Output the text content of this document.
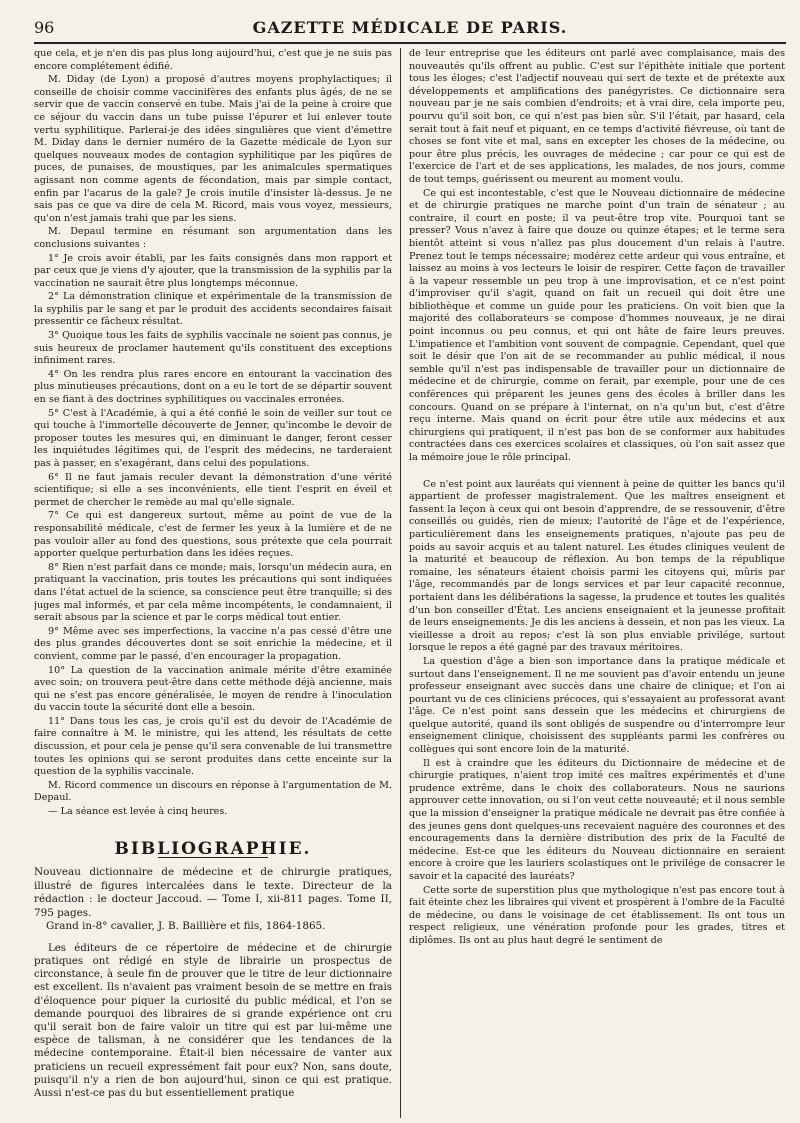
96	GAZETTE MÉDICALE DE PARIS.

que cela, et je n'en dis pas plus long aujourd'hui, c'est que je ne suis pas encore complétement édifié.

M. Diday (de Lyon) a proposé d'autres moyens prophylactiques; il conseille de choisir comme vaccinifères des enfants plus âgés, de ne se servir que de vaccin conservé en tube. Mais j'ai de la peine à croire que ce séjour du vaccin dans un tube puisse l'épurer et lui enlever toute vertu syphilitique. Parlerai-je des idées singulières que vient d'émettre M. Diday dans le dernier numéro de la Gazette médicale de Lyon sur quelques nouveaux modes de contagion syphilitique par les piqûres de puces, de punaises, de moustiques, par les animalcules spermatiques agissant non comme agents de fécondation, mais par simple contact, enfin par l'acarus de la gale? Je crois inutile d'insister là-dessus. Je ne sais pas ce que va dire de cela M. Ricord, mais vous voyez, messieurs, qu'on n'est jamais trahi que par les siens.

M. Depaul termine en résumant son argumentation dans les conclusions suivantes :

1° Je crois avoir établi, par les faits consignés dans mon rapport et par ceux que je viens d'y ajouter, que la transmission de la syphilis par la vaccination ne saurait être plus longtemps méconnue.

2° La démonstration clinique et expérimentale de la transmission de la syphilis par le sang et par le produit des accidents secondaires faisait pressentir ce fâcheux résultat.

3° Quoique tous les faits de syphilis vaccinale ne soient pas connus, je suis heureux de proclamer hautement qu'ils constituent des exceptions infiniment rares.

4° On les rendra plus rares encore en entourant la vaccination des plus minutieuses précautions, dont on a eu le tort de se départir souvent en se fiant à des doctrines syphilitiques ou vaccinales erronées.

5° C'est à l'Académie, à qui a été confié le soin de veiller sur tout ce qui touche à l'immortelle découverte de Jenner, qu'incombe le devoir de proposer toutes les mesures qui, en diminuant le danger, feront cesser les inquiétudes légitimes qui, de l'esprit des médecins, ne tarderaient pas à passer, en s'exagérant, dans celui des populations.

6° Il ne faut jamais reculer devant la démonstration d'une vérité scientifique; si elle a ses inconvénients, elle tient l'esprit en éveil et permet de chercher le remède au mal qu'elle signale.

7° Ce qui est dangereux surtout, même au point de vue de la responsabilité médicale, c'est de fermer les yeux à la lumière et de ne pas vouloir aller au fond des questions, sous prétexte que cela pourrait apporter quelque perturbation dans les idées reçues.

8° Rien n'est parfait dans ce monde; mais, lorsqu'un médecin aura, en pratiquant la vaccination, pris toutes les précautions qui sont indiquées dans l'état actuel de la science, sa conscience peut être tranquille; si des juges mal informés, et par cela même incompétents, le condamnaient, il serait absous par la science et par le corps médical tout entier.

9° Même avec ses imperfections, la vaccine n'a pas cessé d'être une des plus grandes découvertes dont se soit enrichie la médecine, et il convient, comme par le passé, d'en encourager la propagation.

10° La question de la vaccination animale mérite d'être examinée avec soin; on trouvera peut-être dans cette méthode déjà ancienne, mais qui ne s'est pas encore généralisée, le moyen de rendre à l'inoculation du vaccin toute la sécurité dont elle a besoin.

11° Dans tous les cas, je crois qu'il est du devoir de l'Académie de faire connaître à M. le ministre, qui les attend, les résultats de cette discussion, et pour cela je pense qu'il sera convenable de lui transmettre toutes les opinions qui se seront produites dans cette enceinte sur la question de la syphilis vaccinale.

M. Ricord commence un discours en réponse à l'argumentation de M. Depaul.

— La séance est levée à cinq heures.

BIBLIOGRAPHIE.

Nouveau dictionnaire de médecine et de chirurgie pratiques, illustré de figures intercalées dans le texte. Directeur de la rédaction : le docteur Jaccoud. — Tome I, xii-811 pages. Tome II, 795 pages.

Grand in-8° cavalier, J. B. Baillière et fils, 1864-1865.

Les éditeurs de ce répertoire de médecine et de chirurgie pratiques ont rédigé en style de librairie un prospectus de circonstance, à seule fin de prouver que le titre de leur dictionnaire est excellent. Ils n'avaient pas vraiment besoin de se mettre en frais d'éloquence pour piquer la curiosité du public médical, et l'on se demande pourquoi des libraires de si grande expérience ont cru qu'il serait bon de faire valoir un titre qui est par lui-même une espèce de talisman, à ne considérer que les tendances de la médecine contemporaine. Était-il bien nécessaire de vanter aux praticiens un recueil expressément fait pour eux? Non, sans doute, puisqu'il n'y a rien de bon aujourd'hui, sinon ce qui est pratique. Aussi n'est-ce pas du but essentiellement pratique

de leur entreprise que les éditeurs ont parlé avec complaisance, mais des nouveautés qu'ils offrent au public. C'est sur l'épithète initiale que portent tous les éloges; c'est l'adjectif nouveau qui sert de texte et de prétexte aux développements et amplifications des panégyristes. Ce dictionnaire sera nouveau par je ne sais combien d'endroits; et à vrai dire, cela importe peu, pourvu qu'il soit bon, ce qui n'est pas bien sûr. S'il l'était, par hasard, cela serait tout à fait neuf et piquant, en ce temps d'activité fiévreuse, où tant de choses se font vite et mal, sans en excepter les choses de la médecine, ou pour être plus précis, les ouvrages de médecine ; car pour ce qui est de l'exercice de l'art et de ses applications, les malades, de nos jours, comme de tout temps, guérissent ou meurent au moment voulu.

Ce qui est incontestable, c'est que le Nouveau dictionnaire de médecine et de chirurgie pratiques ne marche point d'un train de sénateur ; au contraire, il court en poste; il va peut-être trop vite. Pourquoi tant se presser? Vous n'avez à faire que douze ou quinze étapes; et le terme sera bientôt atteint si vous n'allez pas plus doucement d'un relais à l'autre. Prenez tout le temps nécessaire; modérez cette ardeur qui vous entraîne, et laissez au moins à vos lecteurs le loisir de respirer. Cette façon de travailler à la vapeur ressemble un peu trop à une improvisation, et ce n'est point d'improviser qu'il s'agit, quand on fait un recueil qui doit être une bibliothèque et comme un guide pour les praticiens. On voit bien que la majorité des collaborateurs se compose d'hommes nouveaux, je ne dirai point inconnus ou peu connus, et qui ont hâte de faire leurs preuves. L'impatience et l'ambition vont souvent de compagnie. Cependant, quel que soit le désir que l'on ait de se recommander au public médical, il nous semble qu'il n'est pas indispensable de travailler pour un dictionnaire de médecine et de chirurgie, comme on ferait, par exemple, pour une de ces conférences qui préparent les jeunes gens des écoles à briller dans les concours. Quand on se prépare à l'internat, on n'a qu'un but, c'est d'être reçu interne. Mais quand on écrit pour être utile aux médecins et aux chirurgiens qui pratiquent, il n'est pas bon de se conformer aux habitudes contractées dans ces exercices scolaires et classiques, où l'on sait assez que la mémoire joue le rôle principal.

Ce n'est point aux lauréats qui viennent à peine de quitter les bancs qu'il appartient de professer magistralement. Que les maîtres enseignent et fassent la leçon à ceux qui ont besoin d'apprendre, de se ressouvenir, d'être conseillés ou guidés, rien de mieux; l'autorité de l'âge et de l'expérience, particulièrement dans les enseignements pratiques, n'ajoute pas peu de poids au savoir acquis et au talent naturel. Les études cliniques veulent de la maturité et beaucoup de réflexion. Au bon temps de la république romaine, les sénateurs étaient choisis parmi les citoyens qui, mûris par l'âge, recommandés par de longs services et par leur capacité reconnue, portaient dans les délibérations la sagesse, la prudence et toutes les qualités d'un bon conseiller d'État. Les anciens enseignaient et la jeunesse profitait de leurs enseignements. Je dis les anciens à dessein, et non pas les vieux. La vieillesse a droit au repos; c'est là son plus enviable privilége, surtout lorsque le repos a été gagné par des travaux méritoires.

La question d'âge a bien son importance dans la pratique médicale et surtout dans l'enseignement. Il ne me souvient pas d'avoir entendu un jeune professeur enseignant avec succès dans une chaire de clinique; et l'on ai pourtant vu de ces cliniciens précoces, qui s'essayaient au professorat avant l'âge. Ce n'est point sans dessein que les médecins et chirurgiens de quelque autorité, quand ils sont obligés de suspendre ou d'interrompre leur enseignement clinique, choisissent des suppléants parmi les confrères ou collègues qui sont encore loin de la maturité.

Il est à craindre que les éditeurs du Dictionnaire de médecine et de chirurgie pratiques, n'aient trop imité ces maîtres expérimentés et d'une prudence extrême, dans le choix des collaborateurs. Nous ne saurions approuver cette innovation, ou si l'on veut cette nouveauté; et il nous semble que la mission d'enseigner la pratique médicale ne devrait pas être confiée à des jeunes gens dont quelques-uns recevaient naguère des couronnes et des encouragements dans la dernière distribution des prix de la Faculté de médecine. Est-ce que les éditeurs du Nouveau dictionnaire en seraient encore à croire que les lauriers scolastiques ont le privilége de consacrer le savoir et la capacité des lauréats?

Cette sorte de superstition plus que mythologique n'est pas encore tout à fait éteinte chez les libraires qui vivent et prospèrent à l'ombre de la Faculté de médecine, ou dans le voisinage de cet établissement. Ils ont tous un respect religieux, une vénération profonde pour les grades, titres et diplômes. Ils ont au plus haut degré le sentiment de
